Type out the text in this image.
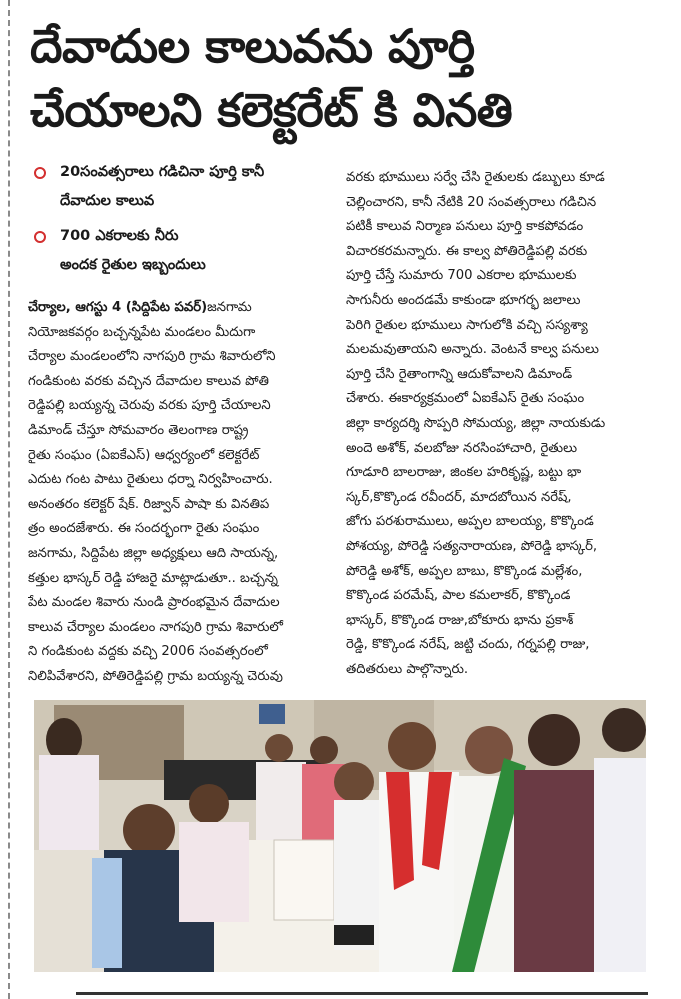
దేవాదుల కాలువను పూర్తి
చేయాలని కలెక్టరేట్ కి వినతి
20సంవత్సరాలు గడిచినా పూర్తి కానీ
దేవాదుల కాలువ
700 ఎకరాలకు నీరు
అందక రైతుల ఇబ్బందులు
చేర్యాల, ఆగస్టు 4 (సిద్దిపేట పవర్)జనగామ
నియోజకవర్గం బచ్చన్నపేట మండలం మీదుగా
చేర్యాల మండలంలోని నాగపురి గ్రామ శివారులోని
గండికుంట వరకు వచ్చిన దేవాదుల కాలువ పోతి
రెడ్డిపల్లి బయ్యన్న చెరువు వరకు పూర్తి చేయాలని
డిమాండ్ చేస్తూ సోమవారం తెలంగాణ రాష్ట్ర
రైతు సంఘం (ఏఐకేఎస్) ఆధ్వర్యంలో కలెక్టరేట్
ఎదుట గంట పాటు రైతులు ధర్నా నిర్వహించారు.
అనంతరం కలెక్టర్ షేక్. రిజ్వాన్ పాషా కు వినతిప
త్రం అందజేశారు. ఈ సందర్భంగా రైతు సంఘం
జనగామ, సిద్దిపేట జిల్లా అధ్యక్షులు ఆది సాయన్న,
కత్తుల భాస్కర్ రెడ్డి హాజరై మాట్లాడుతూ.. బచ్చన్న
పేట మండల శివారు నుండి ప్రారంభమైన దేవాదుల
కాలువ చేర్యాల మండలం నాగపురి గ్రామ శివారులో
ని గండికుంట వద్దకు వచ్చి 2006 సంవత్సరంలో
నిలిపివేశారని, పోతిరెడ్డిపల్లి గ్రామ బయ్యన్న చెరువు
వరకు భూములు సర్వే చేసి రైతులకు డబ్బులు కూడ
చెల్లించారని, కానీ నేటికి 20 సంవత్సరాలు గడిచిన
పటికీ కాలువ నిర్మాణ పనులు పూర్తి కాకపోవడం
విచారకరమన్నారు. ఈ కాల్వ పోతిరెడ్డిపల్లి వరకు
పూర్తి చేస్తే సుమారు 700 ఎకరాల భూములకు
సాగునీరు అందడమే కాకుండా భూగర్భ జలాలు
పెరిగి రైతుల భూములు సాగులోకి వచ్చి సస్యశ్యా
మలమవుతాయని అన్నారు. వెంటనే కాల్వ పనులు
పూర్తి చేసి రైతాంగాన్ని ఆదుకోవాలని డిమాండ్
చేశారు. ఈకార్యక్రమంలో ఏఐకేఎస్ రైతు సంఘం
జిల్లా కార్యదర్శి సొప్పరి సోమయ్య, జిల్లా నాయకుడు
అందె అశోక్, వలబోజు నరసింహాచారి, రైతులు
గూడూరి బాలరాజు, జింకల హరికృష్ణ, బట్టు భా
స్కర్,కొక్కొండ రవీందర్, మాదబోయిన నరేష్,
జోగు పరశురాములు, అప్పల బాలయ్య, కొక్కొండ
పోశయ్య, పోరెడ్డి సత్యనారాయణ, పోరెడ్డి భాస్కర్,
పోరెడ్డి అశోక్, అప్పల బాబు, కొక్కొండ మల్లేశం,
కొక్కొండ పరమేష్, పాల కమలాకర్, కొక్కొండ
భాస్కర్, కొక్కొండ రాజు,బోకూరు భాను ప్రకాశ్
రెడ్డి, కొక్కొండ నరేష్, జట్టి చందు, గర్నపల్లి రాజు,
తదితరులు పాల్గొన్నారు.
